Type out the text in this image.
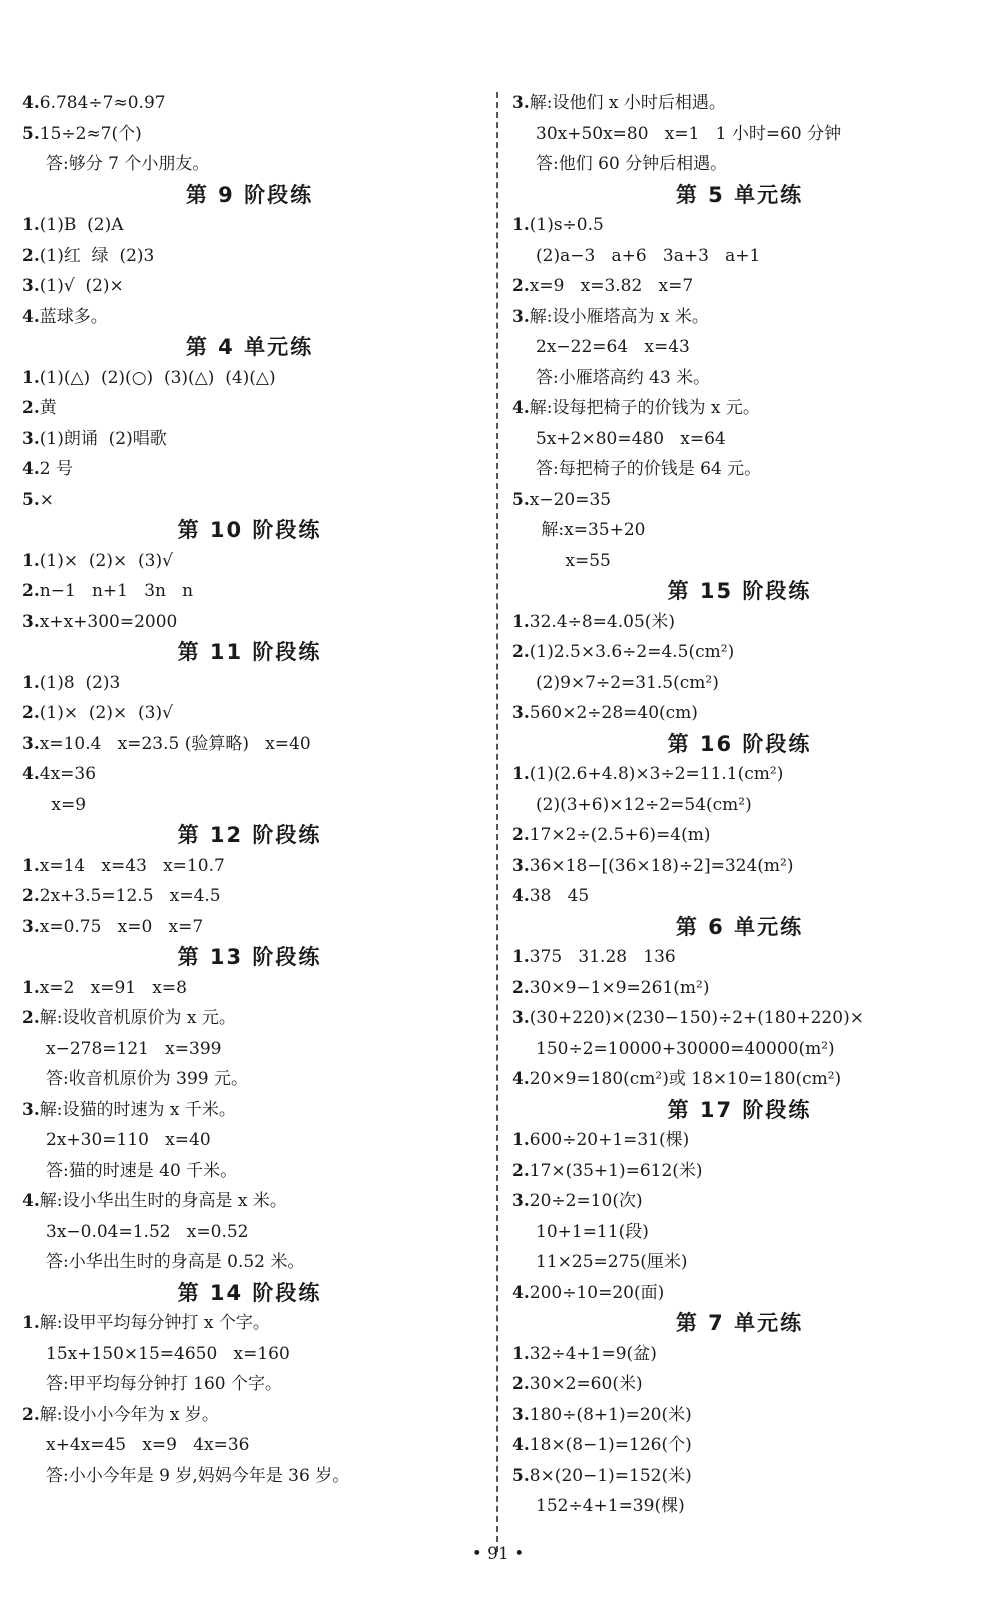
4.6.784÷7≈0.97
5.15÷2≈7(个)
答:够分 7 个小朋友。
第 9 阶段练
1.(1)B  (2)A
2.(1)红  绿  (2)3
3.(1)√  (2)×
4.蓝球多。
第 4 单元练
1.(1)(△)  (2)(○)  (3)(△)  (4)(△)
2.黄
3.(1)朗诵  (2)唱歌
4.2 号
5.×
第 10 阶段练
1.(1)×  (2)×  (3)√
2.n−1   n+1   3n   n
3.x+x+300=2000
第 11 阶段练
1.(1)8  (2)3
2.(1)×  (2)×  (3)√
3.x=10.4   x=23.5 (验算略)   x=40
4.4x=36
x=9
第 12 阶段练
1.x=14   x=43   x=10.7
2.2x+3.5=12.5   x=4.5
3.x=0.75   x=0   x=7
第 13 阶段练
1.x=2   x=91   x=8
2.解:设收音机原价为 x 元。
x−278=121   x=399
答:收音机原价为 399 元。
3.解:设猫的时速为 x 千米。
2x+30=110   x=40
答:猫的时速是 40 千米。
4.解:设小华出生时的身高是 x 米。
3x−0.04=1.52   x=0.52
答:小华出生时的身高是 0.52 米。
第 14 阶段练
1.解:设甲平均每分钟打 x 个字。
15x+150×15=4650   x=160
答:甲平均每分钟打 160 个字。
2.解:设小小今年为 x 岁。
x+4x=45   x=9   4x=36
答:小小今年是 9 岁,妈妈今年是 36 岁。
3.解:设他们 x 小时后相遇。
30x+50x=80   x=1   1 小时=60 分钟
答:他们 60 分钟后相遇。
第 5 单元练
1.(1)s÷0.5
(2)a−3   a+6   3a+3   a+1
2.x=9   x=3.82   x=7
3.解:设小雁塔高为 x 米。
2x−22=64   x=43
答:小雁塔高约 43 米。
4.解:设每把椅子的价钱为 x 元。
5x+2×80=480   x=64
答:每把椅子的价钱是 64 元。
5.x−20=35
解:x=35+20
x=55
第 15 阶段练
1.32.4÷8=4.05(米)
2.(1)2.5×3.6÷2=4.5(cm²)
(2)9×7÷2=31.5(cm²)
3.560×2÷28=40(cm)
第 16 阶段练
1.(1)(2.6+4.8)×3÷2=11.1(cm²)
(2)(3+6)×12÷2=54(cm²)
2.17×2÷(2.5+6)=4(m)
3.36×18−[(36×18)÷2]=324(m²)
4.38   45
第 6 单元练
1.375   31.28   136
2.30×9−1×9=261(m²)
3.(30+220)×(230−150)÷2+(180+220)×
150÷2=10000+30000=40000(m²)
4.20×9=180(cm²)或 18×10=180(cm²)
第 17 阶段练
1.600÷20+1=31(棵)
2.17×(35+1)=612(米)
3.20÷2=10(次)
10+1=11(段)
11×25=275(厘米)
4.200÷10=20(面)
第 7 单元练
1.32÷4+1=9(盆)
2.30×2=60(米)
3.180÷(8+1)=20(米)
4.18×(8−1)=126(个)
5.8×(20−1)=152(米)
152÷4+1=39(棵)
• 91 •
